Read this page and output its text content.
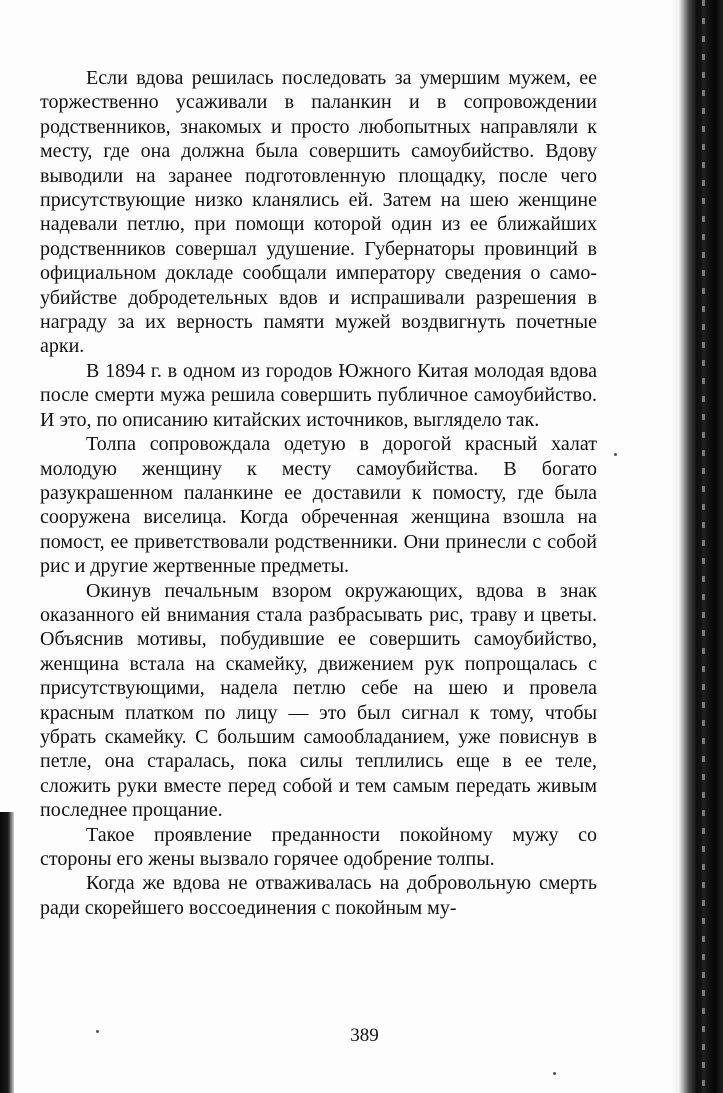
Если вдова решилась последовать за умершим мужем, ее торжественно усаживали в паланкин и в сопровождении родственников, знакомых и просто любопытных направляли к месту, где она должна была совершить самоубийство. Вдову выводили на заранее подготовленную площадку, после чего присутствующие низко кланялись ей. Затем на шею женщине надевали петлю, при помощи которой один из ее ближайших родственников совершал удушение. Губернаторы провинций в официальном докладе сообщали императору сведения о самоубийстве добродетельных вдов и испрашивали разрешения в награду за их верность памяти мужей воздвигнуть почетные арки.

В 1894 г. в одном из городов Южного Китая молодая вдова после смерти мужа решила совершить публичное самоубийство. И это, по описанию китайских источников, выглядело так.

Толпа сопровождала одетую в дорогой красный халат молодую женщину к месту самоубийства. В богато разукрашенном паланкине ее доставили к помосту, где была сооружена виселица. Когда обреченная женщина взошла на помост, ее приветствовали родственники. Они принесли с собой рис и другие жертвенные предметы.

Окинув печальным взором окружающих, вдова в знак оказанного ей внимания стала разбрасывать рис, траву и цветы. Объяснив мотивы, побудившие ее совершить самоубийство, женщина встала на скамейку, движением рук попрощалась с присутствующими, надела петлю себе на шею и провела красным платком по лицу — это был сигнал к тому, чтобы убрать скамейку. С большим самообладанием, уже повиснув в петле, она старалась, пока силы теплились еще в ее теле, сложить руки вместе перед собой и тем самым передать живым последнее прощание.

Такое проявление преданности покойному мужу со стороны его жены вызвало горячее одобрение толпы.

Когда же вдова не отваживалась на добровольную смерть ради скорейшего воссоединения с покойным му-

389
